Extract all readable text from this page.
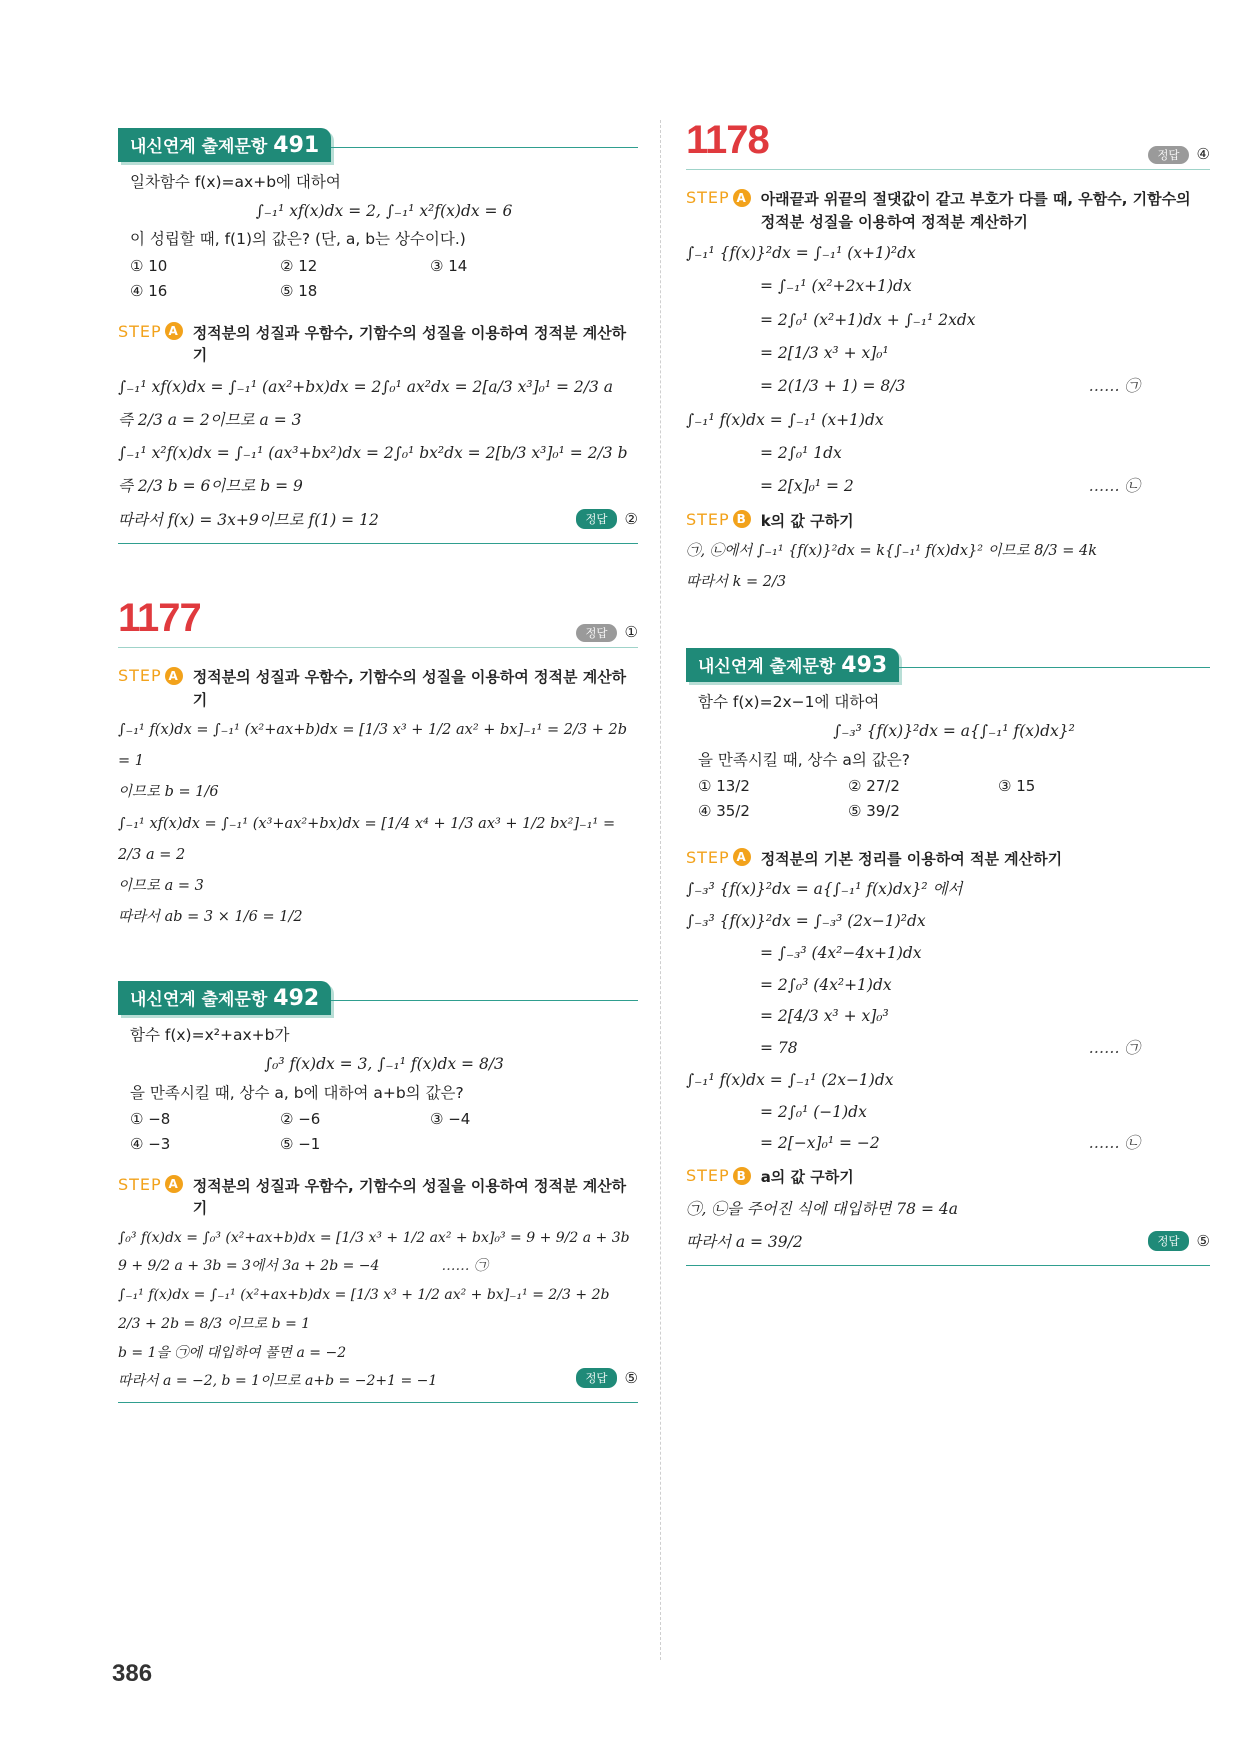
내신연계 출제문항 491
일차함수 f(x)=ax+b에 대하여
∫₋₁¹ xf(x)dx = 2, ∫₋₁¹ x²f(x)dx = 6
이 성립할 때, f(1)의 값은? (단, a, b는 상수이다.)
① 10	② 12	③ 14
④ 16	⑤ 18
STEP A 정적분의 성질과 우함수, 기함수의 성질을 이용하여 정적분 계산하기
∫₋₁¹ xf(x)dx = ∫₋₁¹ (ax²+bx)dx = 2∫₀¹ ax²dx = 2[a/3 x³]₀¹ = 2/3 a
즉 2/3 a = 2이므로 a = 3
∫₋₁¹ x²f(x)dx = ∫₋₁¹ (ax³+bx²)dx = 2∫₀¹ bx²dx = 2[b/3 x³]₀¹ = 2/3 b
즉 2/3 b = 6이므로 b = 9
따라서 f(x) = 3x+9이므로 f(1) = 12	정답	②
1177	정답 ①
STEP A 정적분의 성질과 우함수, 기함수의 성질을 이용하여 정적분 계산하기
∫₋₁¹ f(x)dx = ∫₋₁¹ (x²+ax+b)dx = [1/3 x³ + 1/2 ax² + bx]₋₁¹ = 2/3 + 2b = 1
이므로 b = 1/6
∫₋₁¹ xf(x)dx = ∫₋₁¹ (x³+ax²+bx)dx = [1/4 x⁴ + 1/3 ax³ + 1/2 bx²]₋₁¹ = 2/3 a = 2
이므로 a = 3
따라서 ab = 3 × 1/6 = 1/2
내신연계 출제문항 492
함수 f(x)=x²+ax+b가
∫₀³ f(x)dx = 3, ∫₋₁¹ f(x)dx = 8/3
을 만족시킬 때, 상수 a, b에 대하여 a+b의 값은?
① −8	② −6	③ −4
④ −3	⑤ −1
STEP A 정적분의 성질과 우함수, 기함수의 성질을 이용하여 정적분 계산하기
∫₀³ f(x)dx = ∫₀³ (x²+ax+b)dx = [1/3 x³ + 1/2 ax² + bx]₀³ = 9 + 9/2 a + 3b
9 + 9/2 a + 3b = 3에서 3a + 2b = −4	…… ㉠
∫₋₁¹ f(x)dx = ∫₋₁¹ (x²+ax+b)dx = [1/3 x³ + 1/2 ax² + bx]₋₁¹ = 2/3 + 2b
2/3 + 2b = 8/3 이므로 b = 1
b = 1을 ㉠에 대입하여 풀면 a = −2
따라서 a = −2, b = 1이므로 a+b = −2+1 = −1	정답	⑤
1178	정답 ④
STEP A 아래끝과 위끝의 절댓값이 같고 부호가 다를 때, 우함수, 기함수의 정적분 성질을 이용하여 정적분 계산하기
∫₋₁¹ {f(x)}²dx = ∫₋₁¹ (x+1)²dx
= ∫₋₁¹ (x²+2x+1)dx
= 2∫₀¹ (x²+1)dx + ∫₋₁¹ 2xdx
= 2[1/3 x³ + x]₀¹
= 2(1/3 + 1) = 8/3	…… ㉠
∫₋₁¹ f(x)dx = ∫₋₁¹ (x+1)dx
= 2∫₀¹ 1dx
= 2[x]₀¹ = 2	…… ㉡
STEP B k의 값 구하기
㉠, ㉡에서 ∫₋₁¹ {f(x)}²dx = k{∫₋₁¹ f(x)dx}² 이므로 8/3 = 4k
따라서 k = 2/3
내신연계 출제문항 493
함수 f(x)=2x−1에 대하여
∫₋₃³ {f(x)}²dx = a{∫₋₁¹ f(x)dx}²
을 만족시킬 때, 상수 a의 값은?
① 13/2	② 27/2	③ 15
④ 35/2	⑤ 39/2
STEP A 정적분의 기본 정리를 이용하여 적분 계산하기
∫₋₃³ {f(x)}²dx = a{∫₋₁¹ f(x)dx}² 에서
∫₋₃³ {f(x)}²dx = ∫₋₃³ (2x−1)²dx
= ∫₋₃³ (4x²−4x+1)dx
= 2∫₀³ (4x²+1)dx
= 2[4/3 x³ + x]₀³
= 78	…… ㉠
∫₋₁¹ f(x)dx = ∫₋₁¹ (2x−1)dx
= 2∫₀¹ (−1)dx
= 2[−x]₀¹ = −2	…… ㉡
STEP B a의 값 구하기
㉠, ㉡을 주어진 식에 대입하면 78 = 4a
따라서 a = 39/2	정답	⑤
386
